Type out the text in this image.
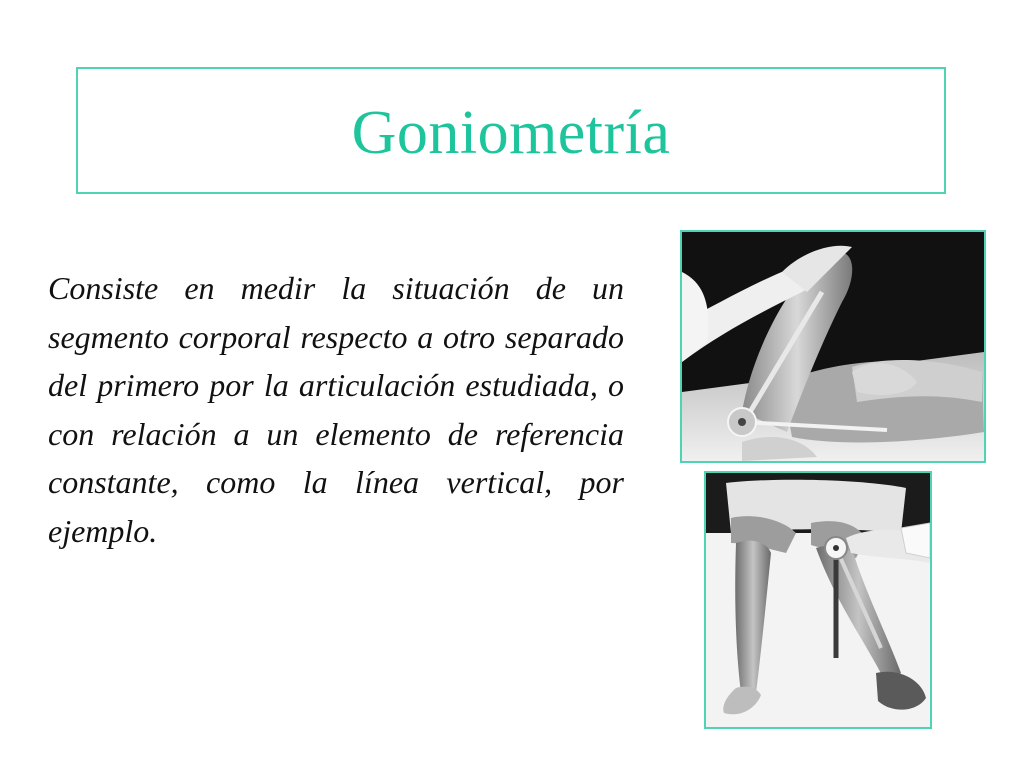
Goniometría
Consiste en medir la situación de un segmento corporal respecto a otro separado del primero por la articulación estudiada, o con relación a un elemento de referencia constante, como la línea vertical, por ejemplo.
